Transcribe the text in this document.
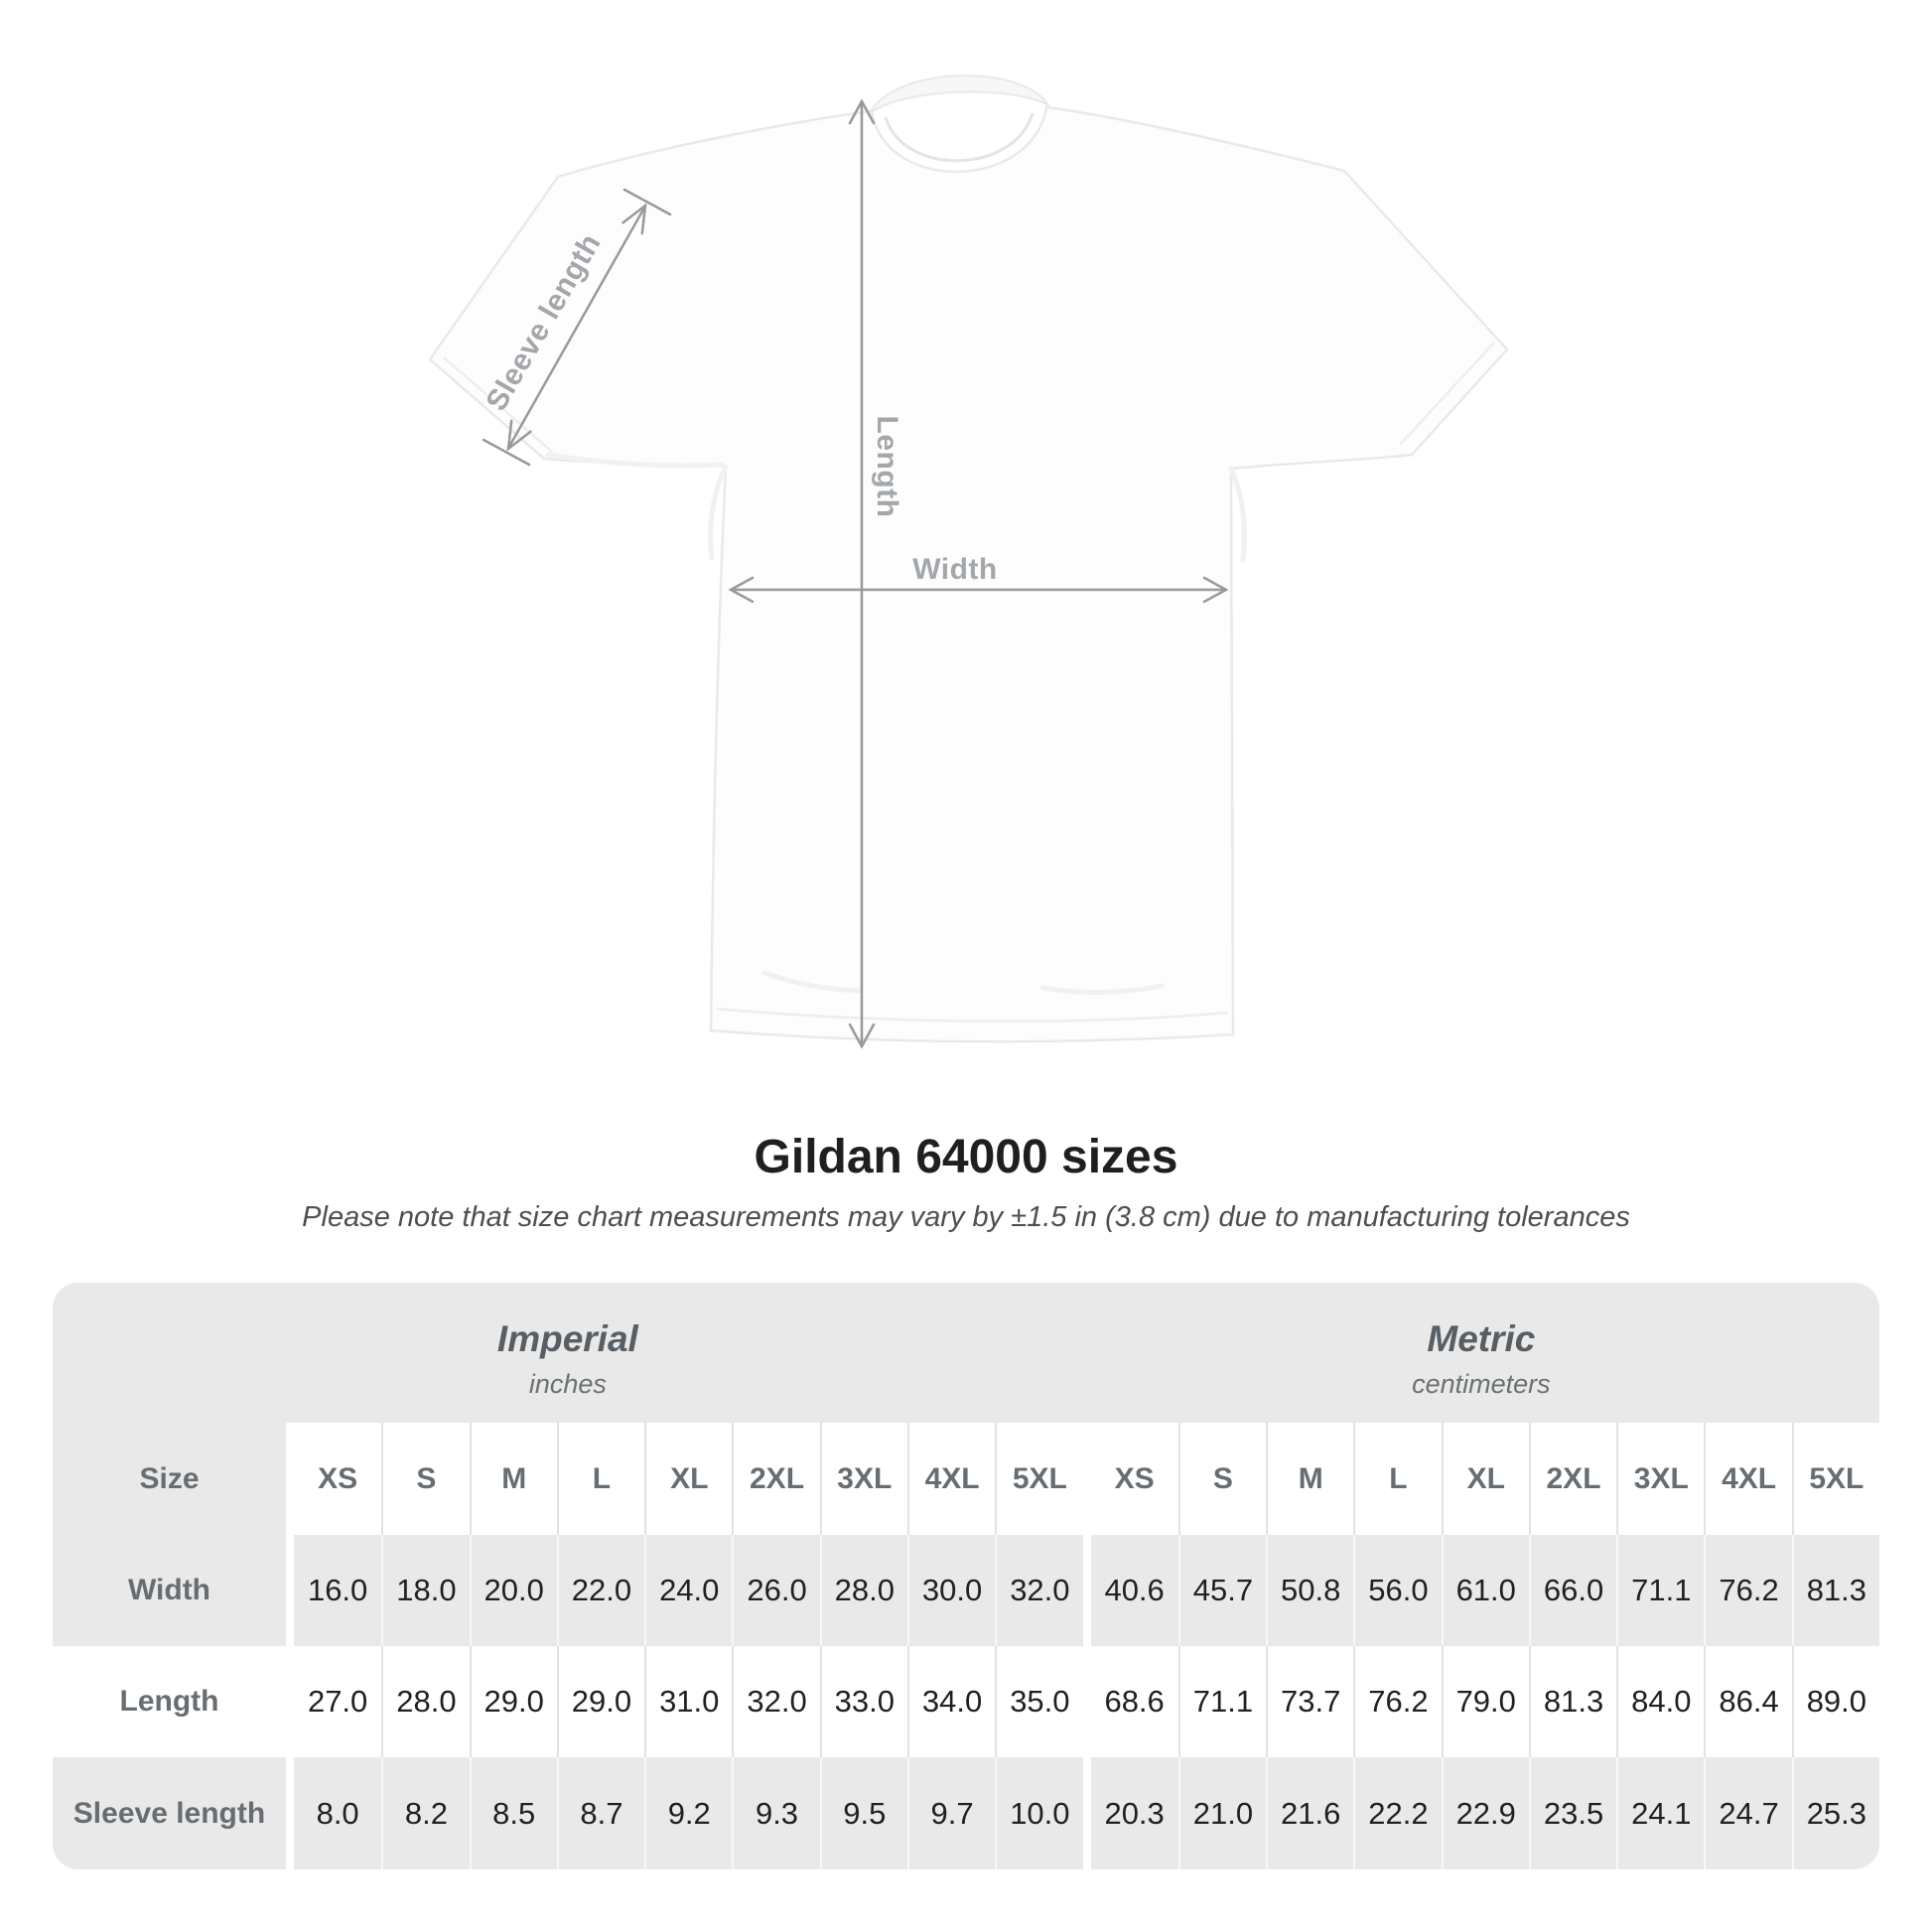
Sleeve length
Length
Width
Gildan 64000 sizes

Please note that size chart measurements may vary by ±1.5 in (3.8 cm) due to manufacturing tolerances

Imperial
inches
Metric
centimeters
Size	XS	S	M	L	XL	2XL	3XL	4XL	5XL	XS	S	M	L	XL	2XL	3XL	4XL	5XL
Width	16.0 18.0 20.0 22.0 24.0 26.0 28.0 30.0 32.0	40.6 45.7 50.8 56.0 61.0 66.0 71.1 76.2 81.3
Length	27.0 28.0 29.0 29.0 31.0 32.0 33.0 34.0 35.0	68.6 71.1 73.7 76.2 79.0 81.3 84.0 86.4 89.0
Sleeve length	8.0	8.2	8.5	8.7	9.2	9.3	9.5	9.7	10.0	20.3 21.0 21.6 22.2 22.9 23.5 24.1 24.7 25.3
